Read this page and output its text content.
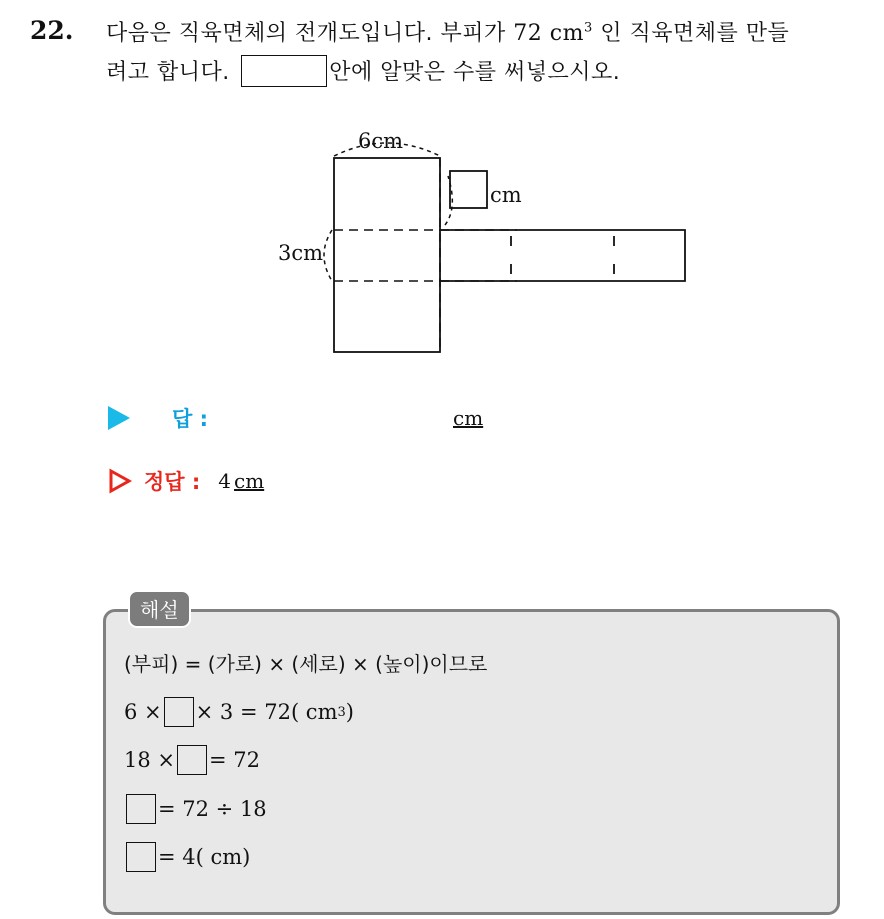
22. 다음은 직육면체의 전개도입니다. 부피가 72 $cm^3$ 인 직육면체를 만들
려고 합니다.	안에 알맞은 수를 써넣으시오.
6cm
3cm
cm
답 :	cm
정답 : 4 cm
해설
(부피) = (가로) × (세로) × (높이) 이므로
6 × × 3 = 72( cm 3 )
18 × = 72
= 72 ÷ 18
= 4( cm)
